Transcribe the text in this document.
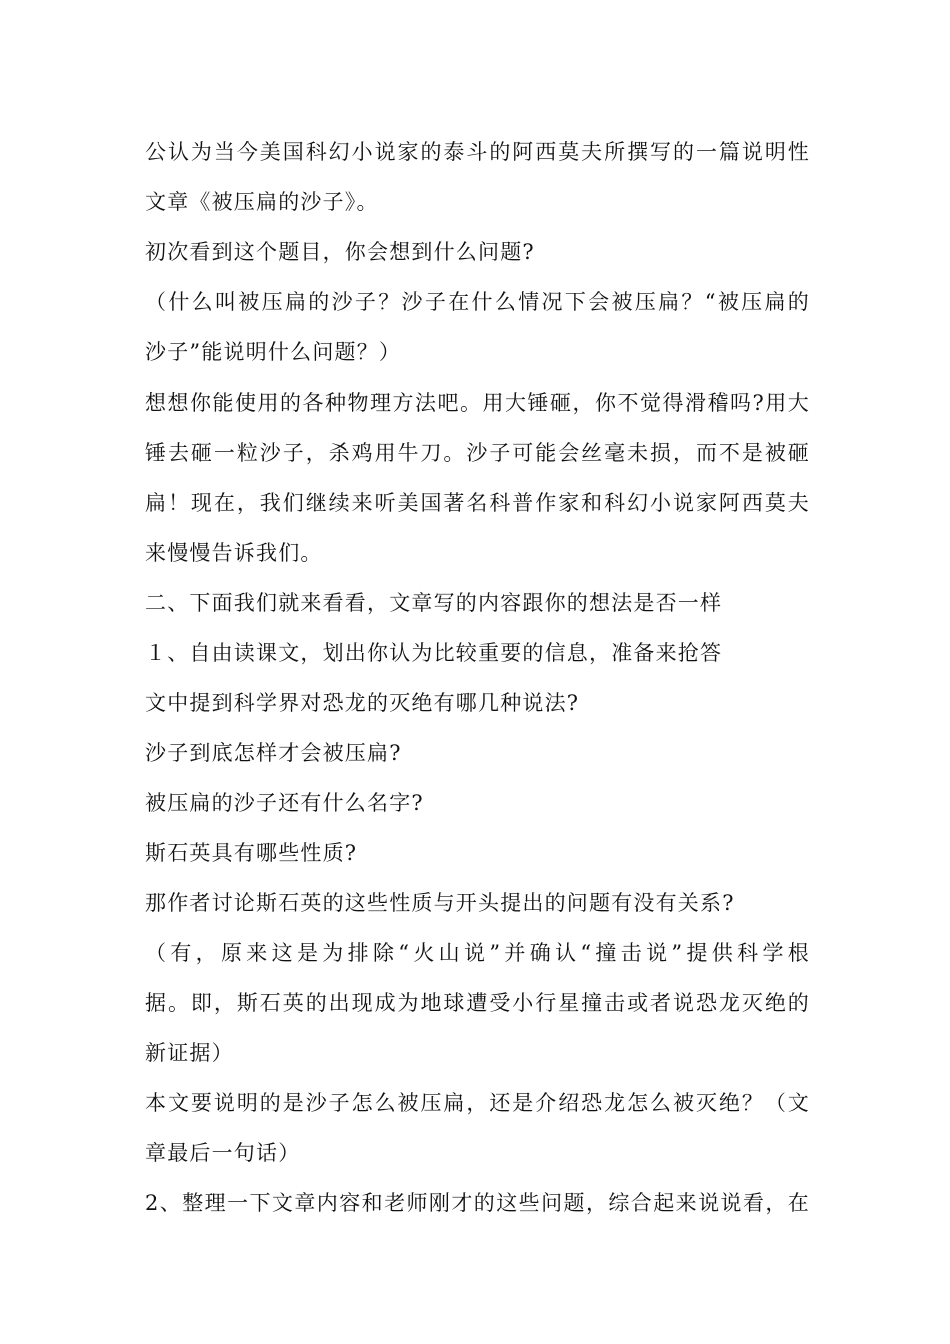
公认为当今美国科幻小说家的泰斗的阿西莫夫所撰写的一篇说明性
文章《被压扁的沙子》。
初次看到这个题目，你会想到什么问题?
（什么叫被压扁的沙子？沙子在什么情况下会被压扁？“被压扁的
沙子”能说明什么问题？）
想想你能使用的各种物理方法吧。用大锤砸，你不觉得滑稽吗?用大
锤去砸一粒沙子，杀鸡用牛刀。沙子可能会丝毫未损，而不是被砸
扁！现在，我们继续来听美国著名科普作家和科幻小说家阿西莫夫
来慢慢告诉我们。
二、下面我们就来看看，文章写的内容跟你的想法是否一样
１、自由读课文，划出你认为比较重要的信息，准备来抢答
文中提到科学界对恐龙的灭绝有哪几种说法?
沙子到底怎样才会被压扁?
被压扁的沙子还有什么名字?
斯石英具有哪些性质?
那作者讨论斯石英的这些性质与开头提出的问题有没有关系?
（有，原来这是为排除“火山说”并确认“撞击说”提供科学根
据。即，斯石英的出现成为地球遭受小行星撞击或者说恐龙灭绝的
新证据）
本文要说明的是沙子怎么被压扁，还是介绍恐龙怎么被灭绝？（文
章最后一句话）
2、整理一下文章内容和老师刚才的这些问题，综合起来说说看，在
